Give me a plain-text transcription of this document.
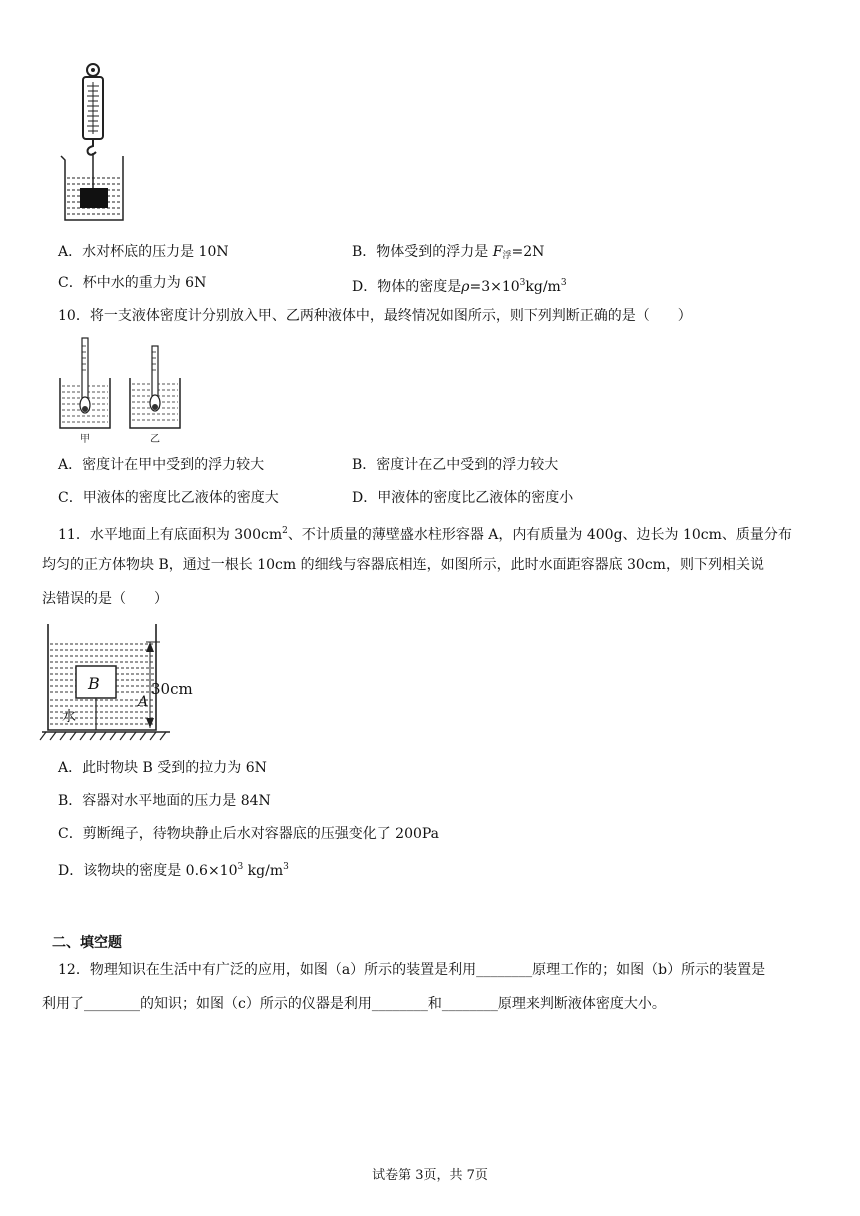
A．水对杯底的压力是 10N	B．物体受到的浮力是 $F_浮=2N$
C．杯中水的重力为 6N	D．物体的密度是$\rho=3\times 10^3kg/m^3$
10．将一支液体密度计分别放入甲、乙两种液体中，最终情况如图所示，则下列判断正确的是（　　）
甲	乙
A．密度计在甲中受到的浮力较大	B．密度计在乙中受到的浮力较大
C．甲液体的密度比乙液体的密度大	D．甲液体的密度比乙液体的密度小
11．水平地面上有底面积为 $300cm^2$、不计质量的薄壁盛水柱形容器 A，内有质量为 400g、边长为 10cm、质量分布
均匀的正方体物块 B，通过一根长 10cm 的细线与容器底相连，如图所示，此时水面距容器底 30cm，则下列相关说
法错误的是（　　）
B
水
30cm
A
A．此时物块 B 受到的拉力为 6N
B．容器对水平地面的压力是 84N
C．剪断绳子，待物块静止后水对容器底的压强变化了 200Pa
D．该物块的密度是 $0.6\times 10^3$ $kg/m^3$
二、填空题
12．物理知识在生活中有广泛的应用，如图（a）所示的装置是利用________原理工作的；如图（b）所示的装置是
利用了________的知识；如图（c）所示的仪器是利用________和________原理来判断液体密度大小。
试卷第 3页，共 7页
